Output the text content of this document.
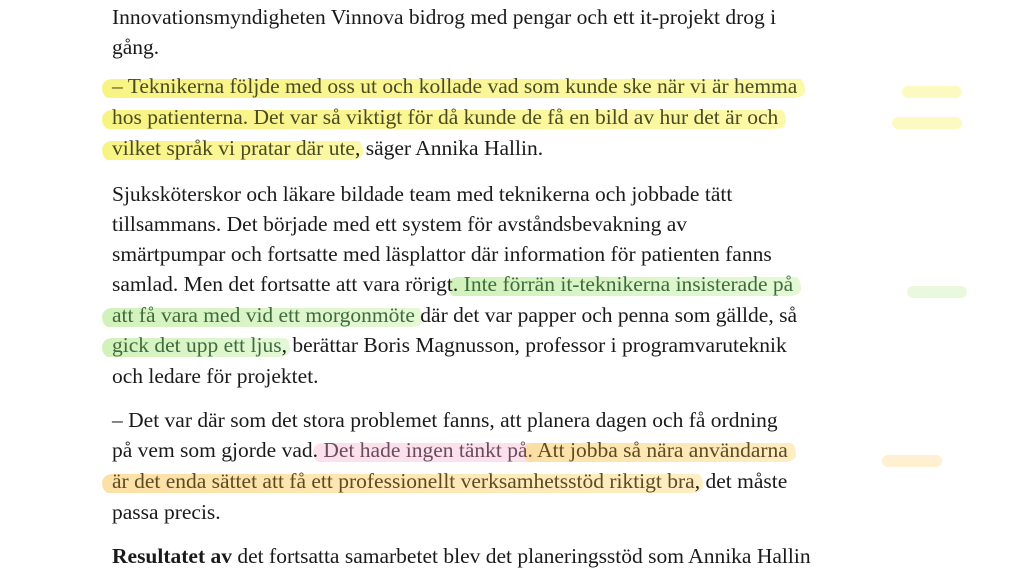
Innovationsmyndigheten Vinnova bidrog med pengar och ett it-projekt drog i
gång.
– Teknikerna följde med oss ut och kollade vad som kunde ske när vi är hemma
hos patienterna. Det var så viktigt för då kunde de få en bild av hur det är och
vilket språk vi pratar där ute, säger Annika Hallin.
Sjuksköterskor och läkare bildade team med teknikerna och jobbade tätt
tillsammans. Det började med ett system för avståndsbevakning av
smärtpumpar och fortsatte med läsplattor där information för patienten fanns
samlad. Men det fortsatte att vara rörigt. Inte förrän it-teknikerna insisterade på
att få vara med vid ett morgonmöte där det var papper och penna som gällde, så
gick det upp ett ljus, berättar Boris Magnusson, professor i programvaruteknik
och ledare för projektet.
– Det var där som det stora problemet fanns, att planera dagen och få ordning
på vem som gjorde vad. Det hade ingen tänkt på. Att jobba så nära användarna
är det enda sättet att få ett professionellt verksamhetsstöd riktigt bra, det måste
passa precis.
Resultatet av det fortsatta samarbetet blev det planeringsstöd som Annika Hallin
